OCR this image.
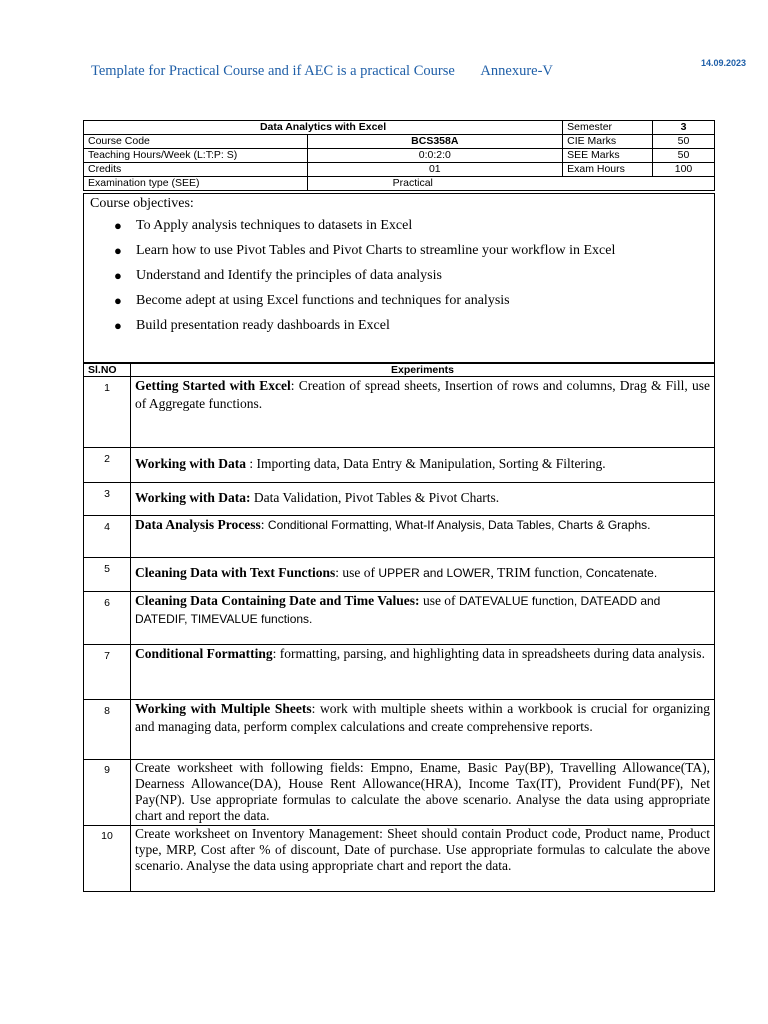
Template for Practical Course and if AEC is a practical Course Annexure-V	14.09.2023
Data Analytics with Excel		Semester	3
Course Code	BCS358A	CIE Marks	50
Teaching Hours/Week (L:T:P: S)	0:0:2:0	SEE Marks	50
Credits	01	Exam Hours	100
Examination type (SEE)	Practical		
Course objectives:
● To Apply analysis techniques to datasets in Excel
● Learn how to use Pivot Tables and Pivot Charts to streamline your workflow in Excel
● Understand and Identify the principles of data analysis
● Become adept at using Excel functions and techniques for analysis
● Build presentation ready dashboards in Excel
Sl.NO	Experiments
1	Getting Started with Excel: Creation of spread sheets, Insertion of rows and columns, Drag & Fill, use of Aggregate functions.
2	Working with Data : Importing data, Data Entry & Manipulation, Sorting & Filtering.
3	Working with Data: Data Validation, Pivot Tables & Pivot Charts.
4	Data Analysis Process: Conditional Formatting, What-If Analysis, Data Tables, Charts & Graphs.
5	Cleaning Data with Text Functions: use of UPPER and LOWER, TRIM function, Concatenate.
6	Cleaning Data Containing Date and Time Values: use of DATEVALUE function, DATEADD and DATEDIF, TIMEVALUE functions.
7	Conditional Formatting: formatting, parsing, and highlighting data in spreadsheets during data analysis.
8	Working with Multiple Sheets: work with multiple sheets within a workbook is crucial for organizing and managing data, perform complex calculations and create comprehensive reports.
9	Create worksheet with following fields: Empno, Ename, Basic Pay(BP), Travelling Allowance(TA), Dearness Allowance(DA), House Rent Allowance(HRA), Income Tax(IT), Provident Fund(PF), Net Pay(NP). Use appropriate formulas to calculate the above scenario. Analyse the data using appropriate chart and report the data.
10	Create worksheet on Inventory Management: Sheet should contain Product code, Product name, Product type, MRP, Cost after % of discount, Date of purchase. Use appropriate formulas to calculate the above scenario. Analyse the data using appropriate chart and report the data.
